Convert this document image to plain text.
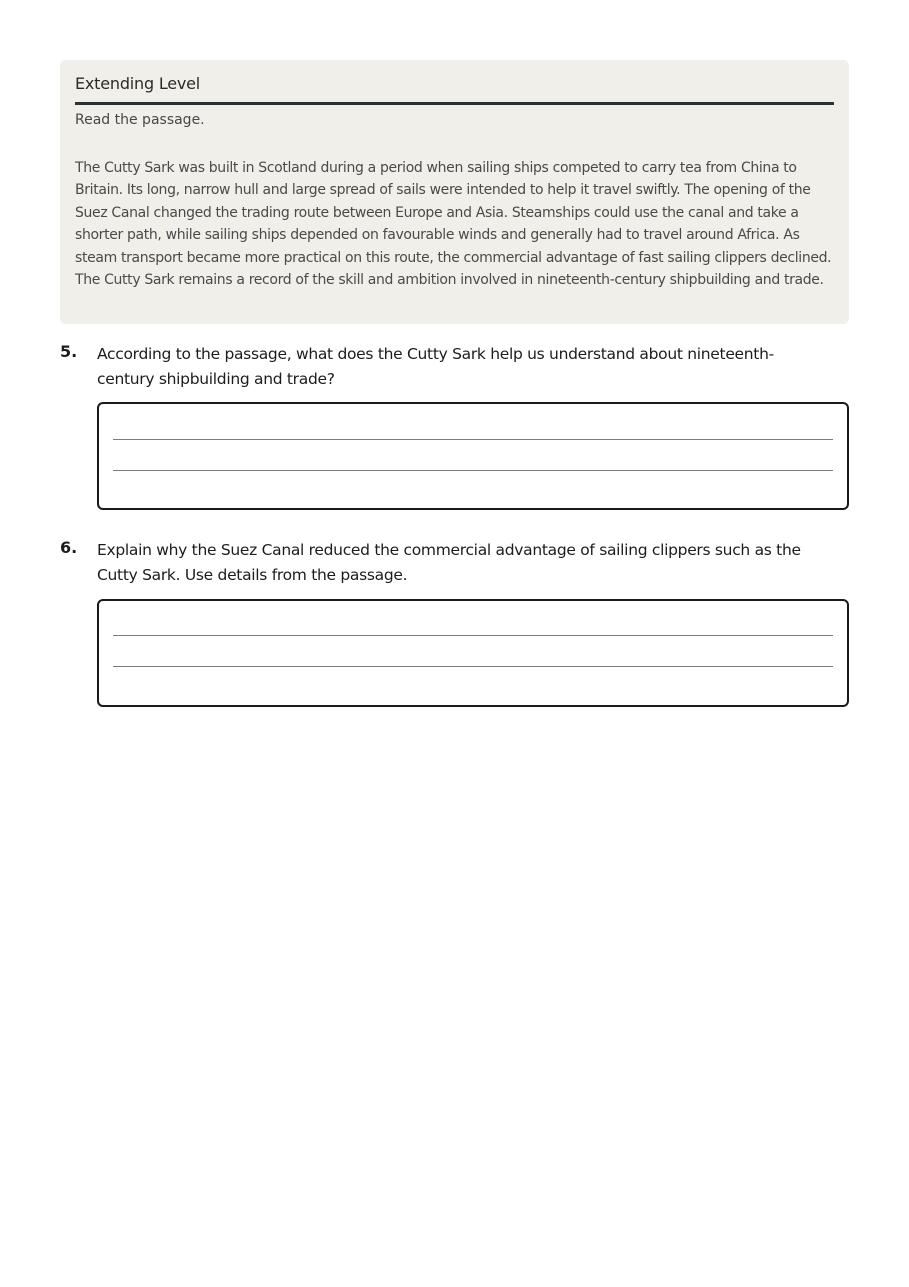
Extending Level
Read the passage.

The Cutty Sark was built in Scotland during a period when sailing ships competed to carry tea from China to Britain. Its long, narrow hull and large spread of sails were intended to help it travel swiftly. The opening of the Suez Canal changed the trading route between Europe and Asia. Steamships could use the canal and take a shorter path, while sailing ships depended on favourable winds and generally had to travel around Africa. As steam transport became more practical on this route, the commercial advantage of fast sailing clippers declined. The Cutty Sark remains a record of the skill and ambition involved in nineteenth-century shipbuilding and trade.

5. According to the passage, what does the Cutty Sark help us understand about nineteenth-century shipbuilding and trade?

6. Explain why the Suez Canal reduced the commercial advantage of sailing clippers such as the Cutty Sark. Use details from the passage.
